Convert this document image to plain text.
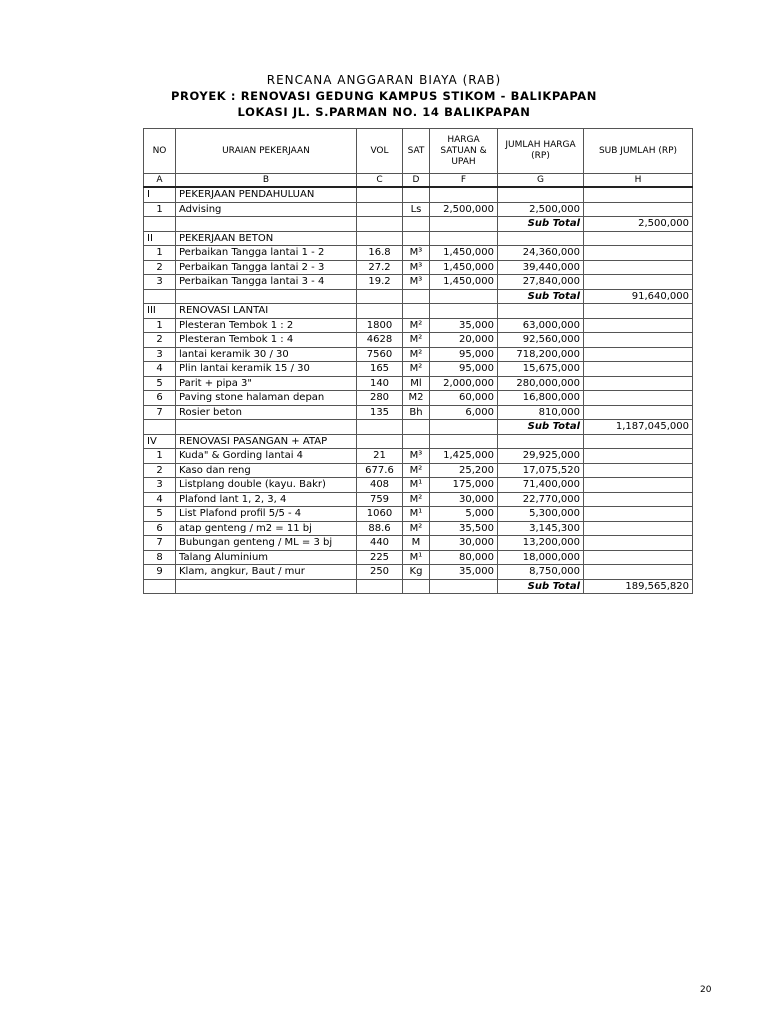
RENCANA ANGGARAN BIAYA (RAB)
PROYEK : RENOVASI GEDUNG KAMPUS STIKOM - BALIKPAPAN
LOKASI JL. S.PARMAN NO. 14 BALIKPAPAN
NO	URAIAN PEKERJAAN	VOL	SAT	HARGA SATUAN & UPAH	JUMLAH HARGA (RP)	SUB JUMLAH (RP)
A	B	C	D	F	G	H
I	PEKERJAAN PENDAHULUAN					
1	Advising		Ls	2,500,000	2,500,000	
					Sub Total	2,500,000
II	PEKERJAAN BETON					
1	Perbaikan Tangga lantai 1 - 2	16.8	M³	1,450,000	24,360,000	
2	Perbaikan Tangga lantai 2 - 3	27.2	M³	1,450,000	39,440,000	
3	Perbaikan Tangga lantai 3 - 4	19.2	M³	1,450,000	27,840,000	
					Sub Total	91,640,000
III	RENOVASI LANTAI					
1	Plesteran Tembok 1 : 2	1800	M²	35,000	63,000,000	
2	Plesteran Tembok 1 : 4	4628	M²	20,000	92,560,000	
3	lantai keramik 30 / 30	7560	M²	95,000	718,200,000	
4	Plin lantai keramik 15 / 30	165	M²	95,000	15,675,000	
5	Parit + pipa 3"	140	Ml	2,000,000	280,000,000	
6	Paving stone halaman depan	280	M2	60,000	16,800,000	
7	Rosier beton	135	Bh	6,000	810,000	
					Sub Total	1,187,045,000
IV	RENOVASI PASANGAN + ATAP					
1	Kuda" & Gording lantai 4	21	M³	1,425,000	29,925,000	
2	Kaso dan reng	677.6	M²	25,200	17,075,520	
3	Listplang double (kayu. Bakr)	408	M¹	175,000	71,400,000	
4	Plafond lant 1, 2, 3, 4	759	M²	30,000	22,770,000	
5	List Plafond profil 5/5 - 4	1060	M¹	5,000	5,300,000	
6	atap genteng / m2 = 11 bj	88.6	M²	35,500	3,145,300	
7	Bubungan genteng / ML = 3 bj	440	M	30,000	13,200,000	
8	Talang Aluminium	225	M¹	80,000	18,000,000	
9	Klam, angkur, Baut / mur	250	Kg	35,000	8,750,000	
					Sub Total	189,565,820
20
